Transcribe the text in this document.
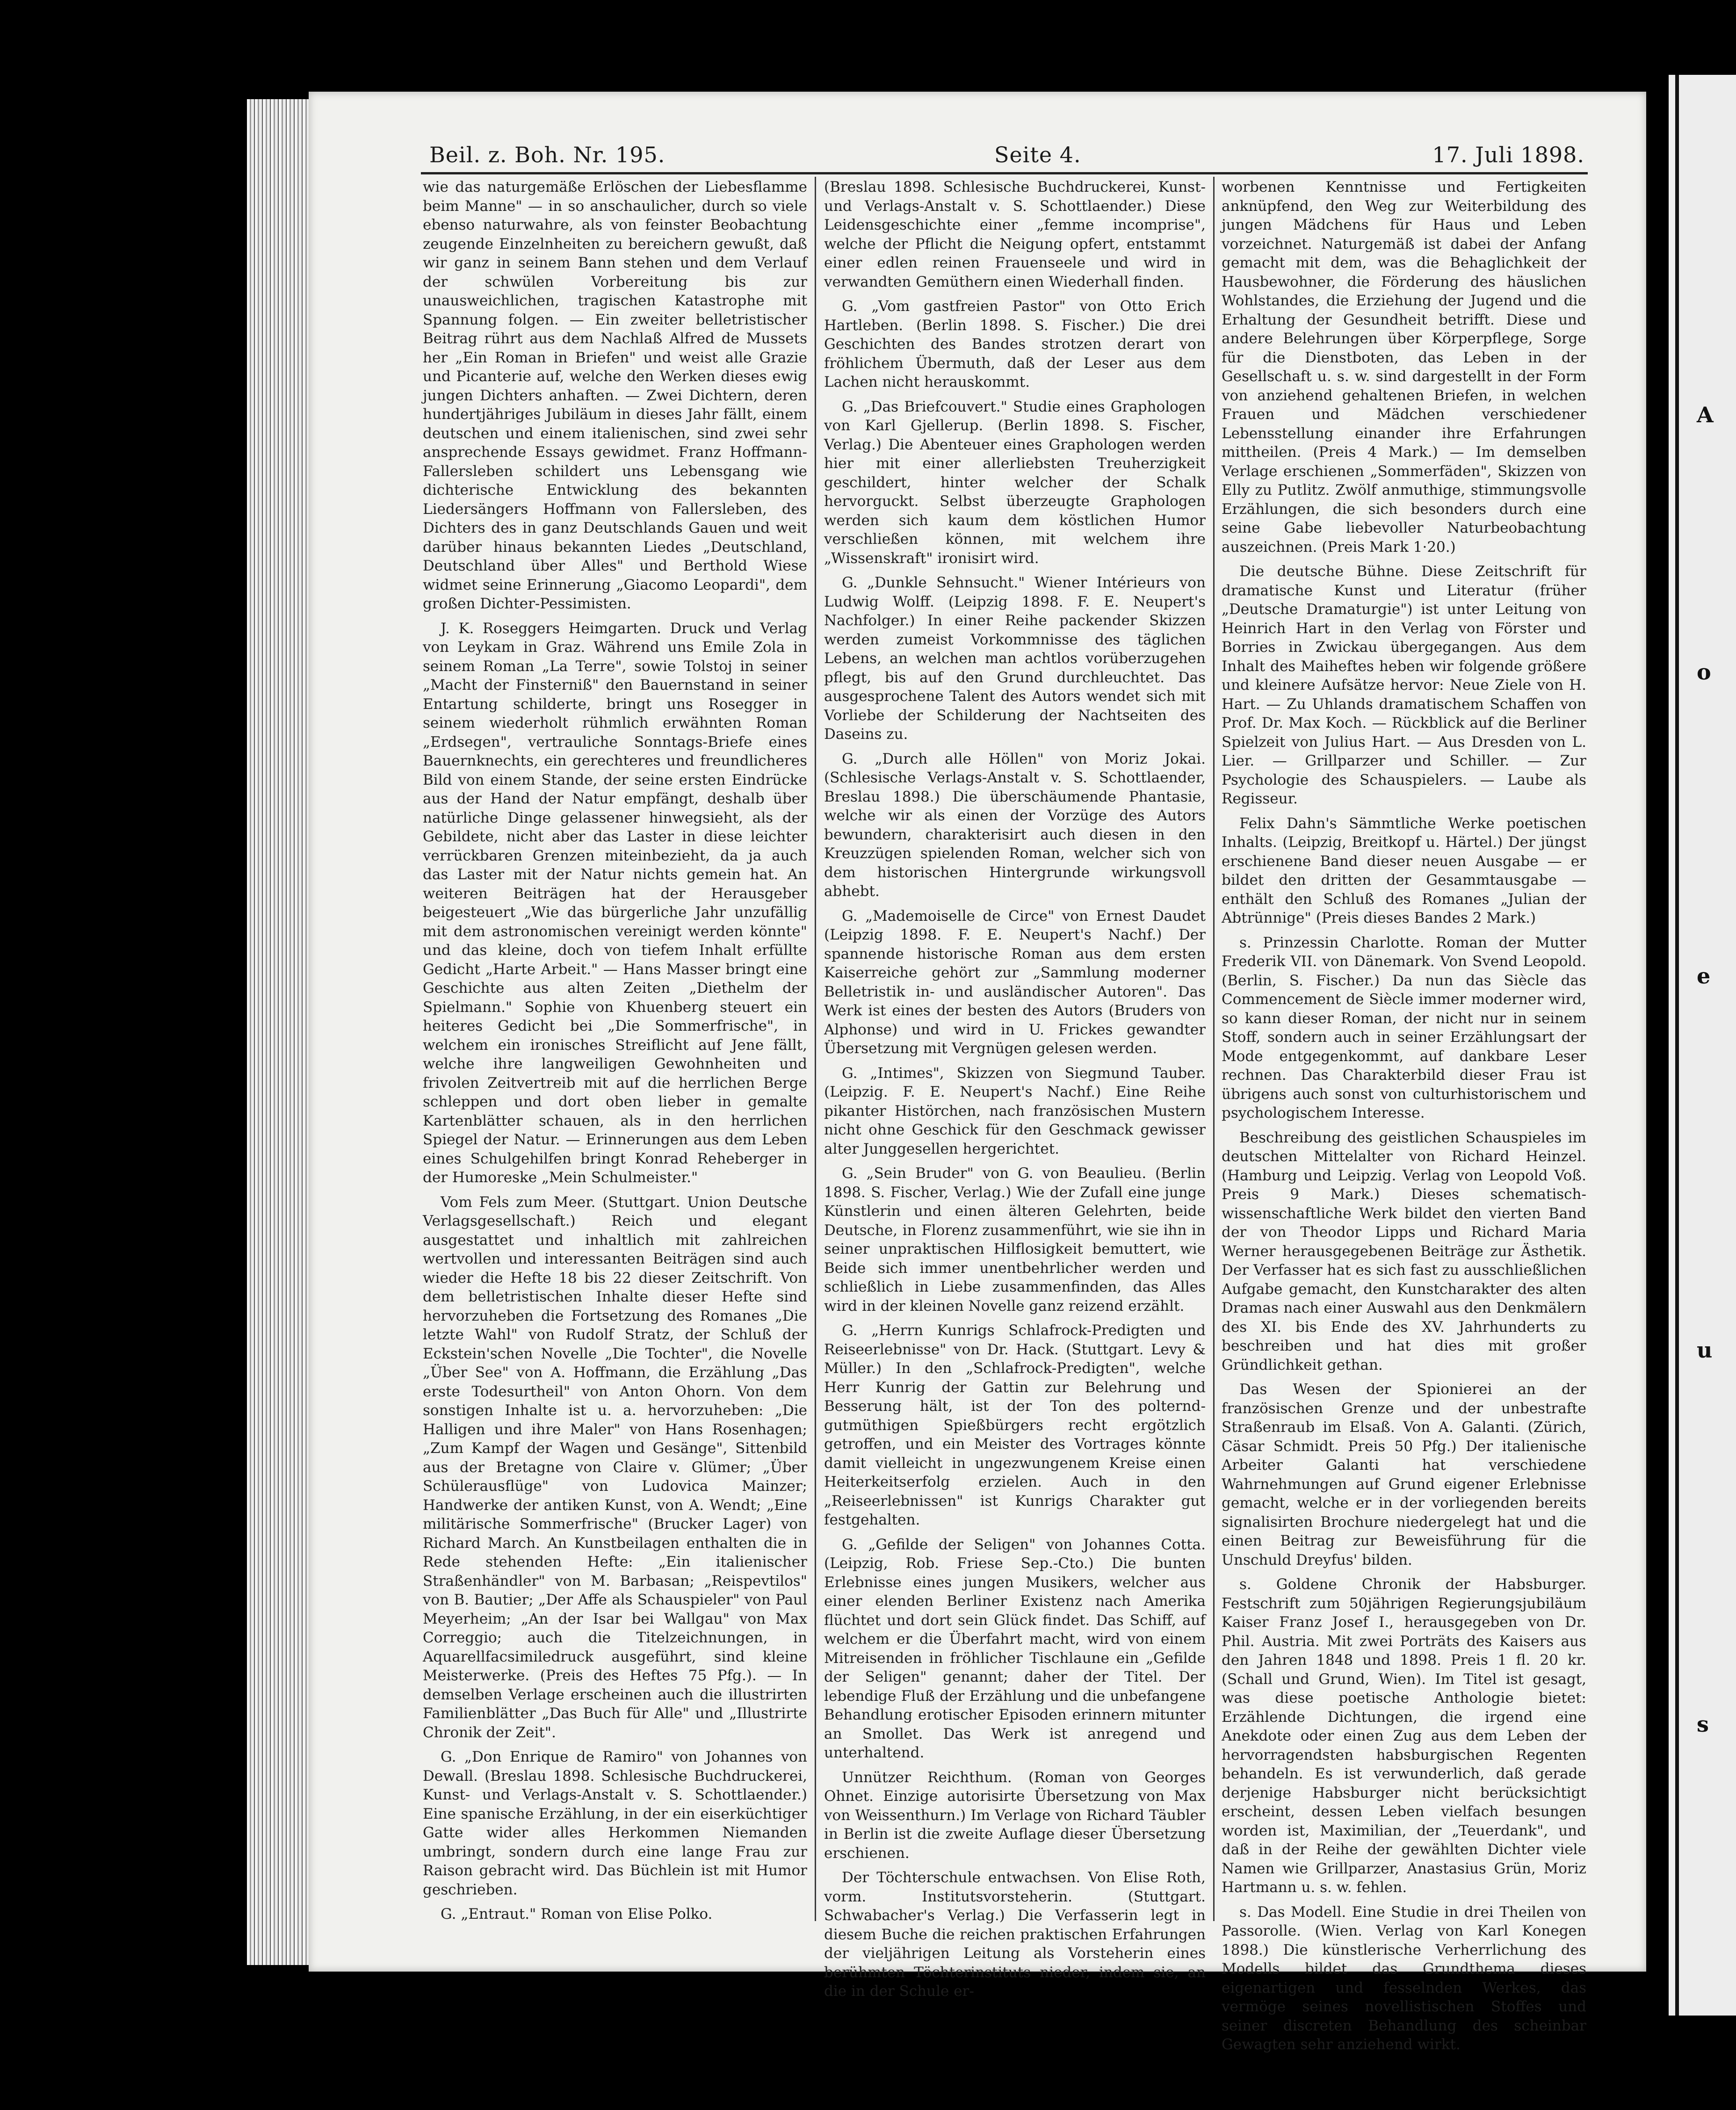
A
o
e
u
s
Beil. z. Boh. Nr. 195.	Seite 4.	17. Juli 1898.

wie das naturgemäße Erlöschen der Liebesflamme beim Manne" — in so anschaulicher, durch so viele ebenso naturwahre, als von feinster Beobachtung zeugende Einzelnheiten zu bereichern gewußt, daß wir ganz in seinem Bann stehen und dem Verlauf der schwülen Vorbereitung bis zur unausweichlichen, tragischen Katastrophe mit Spannung folgen. — Ein zweiter belletristischer Beitrag rührt aus dem Nachlaß Alfred de Mussets her „Ein Roman in Briefen" und weist alle Grazie und Picanterie auf, welche den Werken dieses ewig jungen Dichters anhaften. — Zwei Dichtern, deren hundertjähriges Jubiläum in dieses Jahr fällt, einem deutschen und einem italienischen, sind zwei sehr ansprechende Essays gewidmet. Franz Hoffmann-Fallersleben schildert uns Lebensgang wie dichterische Entwicklung des bekannten Liedersängers Hoffmann von Fallersleben, des Dichters des in ganz Deutschlands Gauen und weit darüber hinaus bekannten Liedes „Deutschland, Deutschland über Alles" und Berthold Wiese widmet seine Erinnerung „Giacomo Leopardi", dem großen Dichter-Pessimisten.

J. K. Roseggers Heimgarten. Druck und Verlag von Leykam in Graz. Während uns Emile Zola in seinem Roman „La Terre", sowie Tolstoj in seiner „Macht der Finsterniß" den Bauernstand in seiner Entartung schilderte, bringt uns Rosegger in seinem wiederholt rühmlich erwähnten Roman „Erdsegen", vertrauliche Sonntags-Briefe eines Bauernknechts, ein gerechteres und freundlicheres Bild von einem Stande, der seine ersten Eindrücke aus der Hand der Natur empfängt, deshalb über natürliche Dinge gelassener hinwegsieht, als der Gebildete, nicht aber das Laster in diese leichter verrückbaren Grenzen miteinbezieht, da ja auch das Laster mit der Natur nichts gemein hat. An weiteren Beiträgen hat der Herausgeber beigesteuert „Wie das bürgerliche Jahr unzufällig mit dem astronomischen vereinigt werden könnte" und das kleine, doch von tiefem Inhalt erfüllte Gedicht „Harte Arbeit." — Hans Masser bringt eine Geschichte aus alten Zeiten „Diethelm der Spielmann." Sophie von Khuenberg steuert ein heiteres Gedicht bei „Die Sommerfrische", in welchem ein ironisches Streiflicht auf Jene fällt, welche ihre langweiligen Gewohnheiten und frivolen Zeitvertreib mit auf die herrlichen Berge schleppen und dort oben lieber in gemalte Kartenblätter schauen, als in den herrlichen Spiegel der Natur. — Erinnerungen aus dem Leben eines Schulgehilfen bringt Konrad Reheberger in der Humoreske „Mein Schulmeister."

Vom Fels zum Meer. (Stuttgart. Union Deutsche Verlagsgesellschaft.) Reich und elegant ausgestattet und inhaltlich mit zahlreichen wertvollen und interessanten Beiträgen sind auch wieder die Hefte 18 bis 22 dieser Zeitschrift. Von dem belletristischen Inhalte dieser Hefte sind hervorzuheben die Fortsetzung des Romanes „Die letzte Wahl" von Rudolf Stratz, der Schluß der Eckstein'schen Novelle „Die Tochter", die Novelle „Über See" von A. Hoffmann, die Erzählung „Das erste Todesurtheil" von Anton Ohorn. Von dem sonstigen Inhalte ist u. a. hervorzuheben: „Die Halligen und ihre Maler" von Hans Rosenhagen; „Zum Kampf der Wagen und Gesänge", Sittenbild aus der Bretagne von Claire v. Glümer; „Über Schülerausflüge" von Ludovica Mainzer; Handwerke der antiken Kunst, von A. Wendt; „Eine militärische Sommerfrische" (Brucker Lager) von Richard March. An Kunstbeilagen enthalten die in Rede stehenden Hefte: „Ein italienischer Straßenhändler" von M. Barbasan; „Reispevtilos" von B. Bautier; „Der Affe als Schauspieler" von Paul Meyerheim; „An der Isar bei Wallgau" von Max Correggio; auch die Titelzeichnungen, in Aquarellfacsimiledruck ausgeführt, sind kleine Meisterwerke. (Preis des Heftes 75 Pfg.). — In demselben Verlage erscheinen auch die illustrirten Familienblätter „Das Buch für Alle" und „Illustrirte Chronik der Zeit".

G. „Don Enrique de Ramiro" von Johannes von Dewall. (Breslau 1898. Schlesische Buchdruckerei, Kunst- und Verlags-Anstalt v. S. Schottlaender.) Eine spanische Erzählung, in der ein eiserküchtiger Gatte wider alles Herkommen Niemanden umbringt, sondern durch eine lange Frau zur Raison gebracht wird. Das Büchlein ist mit Humor geschrieben.

G. „Entraut." Roman von Elise Polko.

(Breslau 1898. Schlesische Buchdruckerei, Kunst- und Verlags-Anstalt v. S. Schottlaender.) Diese Leidensgeschichte einer „femme incomprise", welche der Pflicht die Neigung opfert, entstammt einer edlen reinen Frauenseele und wird in verwandten Gemüthern einen Wiederhall finden.

G. „Vom gastfreien Pastor" von Otto Erich Hartleben. (Berlin 1898. S. Fischer.) Die drei Geschichten des Bandes strotzen derart von fröhlichem Übermuth, daß der Leser aus dem Lachen nicht herauskommt.

G. „Das Briefcouvert." Studie eines Graphologen von Karl Gjellerup. (Berlin 1898. S. Fischer, Verlag.) Die Abenteuer eines Graphologen werden hier mit einer allerliebsten Treuherzigkeit geschildert, hinter welcher der Schalk hervorguckt. Selbst überzeugte Graphologen werden sich kaum dem köstlichen Humor verschließen können, mit welchem ihre „Wissenskraft" ironisirt wird.

G. „Dunkle Sehnsucht." Wiener Intérieurs von Ludwig Wolff. (Leipzig 1898. F. E. Neupert's Nachfolger.) In einer Reihe packender Skizzen werden zumeist Vorkommnisse des täglichen Lebens, an welchen man achtlos vorüberzugehen pflegt, bis auf den Grund durchleuchtet. Das ausgesprochene Talent des Autors wendet sich mit Vorliebe der Schilderung der Nachtseiten des Daseins zu.

G. „Durch alle Höllen" von Moriz Jokai. (Schlesische Verlags-Anstalt v. S. Schottlaender, Breslau 1898.) Die überschäumende Phantasie, welche wir als einen der Vorzüge des Autors bewundern, charakterisirt auch diesen in den Kreuzzügen spielenden Roman, welcher sich von dem historischen Hintergrunde wirkungsvoll abhebt.

G. „Mademoiselle de Circe" von Ernest Daudet (Leipzig 1898. F. E. Neupert's Nachf.) Der spannende historische Roman aus dem ersten Kaiserreiche gehört zur „Sammlung moderner Belletristik in- und ausländischer Autoren". Das Werk ist eines der besten des Autors (Bruders von Alphonse) und wird in U. Frickes gewandter Übersetzung mit Vergnügen gelesen werden.

G. „Intimes", Skizzen von Siegmund Tauber. (Leipzig. F. E. Neupert's Nachf.) Eine Reihe pikanter Histörchen, nach französischen Mustern nicht ohne Geschick für den Geschmack gewisser alter Junggesellen hergerichtet.

G. „Sein Bruder" von G. von Beaulieu. (Berlin 1898. S. Fischer, Verlag.) Wie der Zufall eine junge Künstlerin und einen älteren Gelehrten, beide Deutsche, in Florenz zusammenführt, wie sie ihn in seiner unpraktischen Hilflosigkeit bemuttert, wie Beide sich immer unentbehrlicher werden und schließlich in Liebe zusammenfinden, das Alles wird in der kleinen Novelle ganz reizend erzählt.

G. „Herrn Kunrigs Schlafrock-Predigten und Reiseerlebnisse" von Dr. Hack. (Stuttgart. Levy & Müller.) In den „Schlafrock-Predigten", welche Herr Kunrig der Gattin zur Belehrung und Besserung hält, ist der Ton des polternd-gutmüthigen Spießbürgers recht ergötzlich getroffen, und ein Meister des Vortrages könnte damit vielleicht in ungezwungenem Kreise einen Heiterkeitserfolg erzielen. Auch in den „Reiseerlebnissen" ist Kunrigs Charakter gut festgehalten.

G. „Gefilde der Seligen" von Johannes Cotta. (Leipzig, Rob. Friese Sep.-Cto.) Die bunten Erlebnisse eines jungen Musikers, welcher aus einer elenden Berliner Existenz nach Amerika flüchtet und dort sein Glück findet. Das Schiff, auf welchem er die Überfahrt macht, wird von einem Mitreisenden in fröhlicher Tischlaune ein „Gefilde der Seligen" genannt; daher der Titel. Der lebendige Fluß der Erzählung und die unbefangene Behandlung erotischer Episoden erinnern mitunter an Smollet. Das Werk ist anregend und unterhaltend.

Unnützer Reichthum. (Roman von Georges Ohnet. Einzige autorisirte Übersetzung von Max von Weissenthurn.) Im Verlage von Richard Täubler in Berlin ist die zweite Auflage dieser Übersetzung erschienen.

Der Töchterschule entwachsen. Von Elise Roth, vorm. Institutsvorsteherin. (Stuttgart. Schwabacher's Verlag.) Die Verfasserin legt in diesem Buche die reichen praktischen Erfahrungen der vieljährigen Leitung als Vorsteherin eines berühmten Töchterinstituts nieder, indem sie, an die in der Schule er-

worbenen Kenntnisse und Fertigkeiten anknüpfend, den Weg zur Weiterbildung des jungen Mädchens für Haus und Leben vorzeichnet. Naturgemäß ist dabei der Anfang gemacht mit dem, was die Behaglichkeit der Hausbewohner, die Förderung des häuslichen Wohlstandes, die Erziehung der Jugend und die Erhaltung der Gesundheit betrifft. Diese und andere Belehrungen über Körperpflege, Sorge für die Dienstboten, das Leben in der Gesellschaft u. s. w. sind dargestellt in der Form von anziehend gehaltenen Briefen, in welchen Frauen und Mädchen verschiedener Lebensstellung einander ihre Erfahrungen mittheilen. (Preis 4 Mark.) — Im demselben Verlage erschienen „Sommerfäden", Skizzen von Elly zu Putlitz. Zwölf anmuthige, stimmungsvolle Erzählungen, die sich besonders durch eine seine Gabe liebevoller Naturbeobachtung auszeichnen. (Preis Mark 1·20.)

Die deutsche Bühne. Diese Zeitschrift für dramatische Kunst und Literatur (früher „Deutsche Dramaturgie") ist unter Leitung von Heinrich Hart in den Verlag von Förster und Borries in Zwickau übergegangen. Aus dem Inhalt des Maiheftes heben wir folgende größere und kleinere Aufsätze hervor: Neue Ziele von H. Hart. — Zu Uhlands dramatischem Schaffen von Prof. Dr. Max Koch. — Rückblick auf die Berliner Spielzeit von Julius Hart. — Aus Dresden von L. Lier. — Grillparzer und Schiller. — Zur Psychologie des Schauspielers. — Laube als Regisseur.

Felix Dahn's Sämmtliche Werke poetischen Inhalts. (Leipzig, Breitkopf u. Härtel.) Der jüngst erschienene Band dieser neuen Ausgabe — er bildet den dritten der Gesammtausgabe — enthält den Schluß des Romanes „Julian der Abtrünnige" (Preis dieses Bandes 2 Mark.)

s. Prinzessin Charlotte. Roman der Mutter Frederik VII. von Dänemark. Von Svend Leopold. (Berlin, S. Fischer.) Da nun das Siècle das Commencement de Siècle immer moderner wird, so kann dieser Roman, der nicht nur in seinem Stoff, sondern auch in seiner Erzählungsart der Mode entgegenkommt, auf dankbare Leser rechnen. Das Charakterbild dieser Frau ist übrigens auch sonst von culturhistorischem und psychologischem Interesse.

Beschreibung des geistlichen Schauspieles im deutschen Mittelalter von Richard Heinzel. (Hamburg und Leipzig. Verlag von Leopold Voß. Preis 9 Mark.) Dieses schematisch-wissenschaftliche Werk bildet den vierten Band der von Theodor Lipps und Richard Maria Werner herausgegebenen Beiträge zur Ästhetik. Der Verfasser hat es sich fast zu ausschließlichen Aufgabe gemacht, den Kunstcharakter des alten Dramas nach einer Auswahl aus den Denkmälern des XI. bis Ende des XV. Jahrhunderts zu beschreiben und hat dies mit großer Gründlichkeit gethan.

Das Wesen der Spionierei an der französischen Grenze und der unbestrafte Straßenraub im Elsaß. Von A. Galanti. (Zürich, Cäsar Schmidt. Preis 50 Pfg.) Der italienische Arbeiter Galanti hat verschiedene Wahrnehmungen auf Grund eigener Erlebnisse gemacht, welche er in der vorliegenden bereits signalisirten Brochure niedergelegt hat und die einen Beitrag zur Beweisführung für die Unschuld Dreyfus' bilden.

s. Goldene Chronik der Habsburger. Festschrift zum 50jährigen Regierungsjubiläum Kaiser Franz Josef I., herausgegeben von Dr. Phil. Austria. Mit zwei Porträts des Kaisers aus den Jahren 1848 und 1898. Preis 1 fl. 20 kr. (Schall und Grund, Wien). Im Titel ist gesagt, was diese poetische Anthologie bietet: Erzählende Dichtungen, die irgend eine Anekdote oder einen Zug aus dem Leben der hervorragendsten habsburgischen Regenten behandeln. Es ist verwunderlich, daß gerade derjenige Habsburger nicht berücksichtigt erscheint, dessen Leben vielfach besungen worden ist, Maximilian, der „Teuerdank", und daß in der Reihe der gewählten Dichter viele Namen wie Grillparzer, Anastasius Grün, Moriz Hartmann u. s. w. fehlen.

s. Das Modell. Eine Studie in drei Theilen von Passorolle. (Wien. Verlag von Karl Konegen 1898.) Die künstlerische Verherrlichung des Modells bildet das Grundthema dieses eigenartigen und fesselnden Werkes, das vermöge seines novellistischen Stoffes und seiner discreten Behandlung des scheinbar Gewagten sehr anziehend wirkt.
